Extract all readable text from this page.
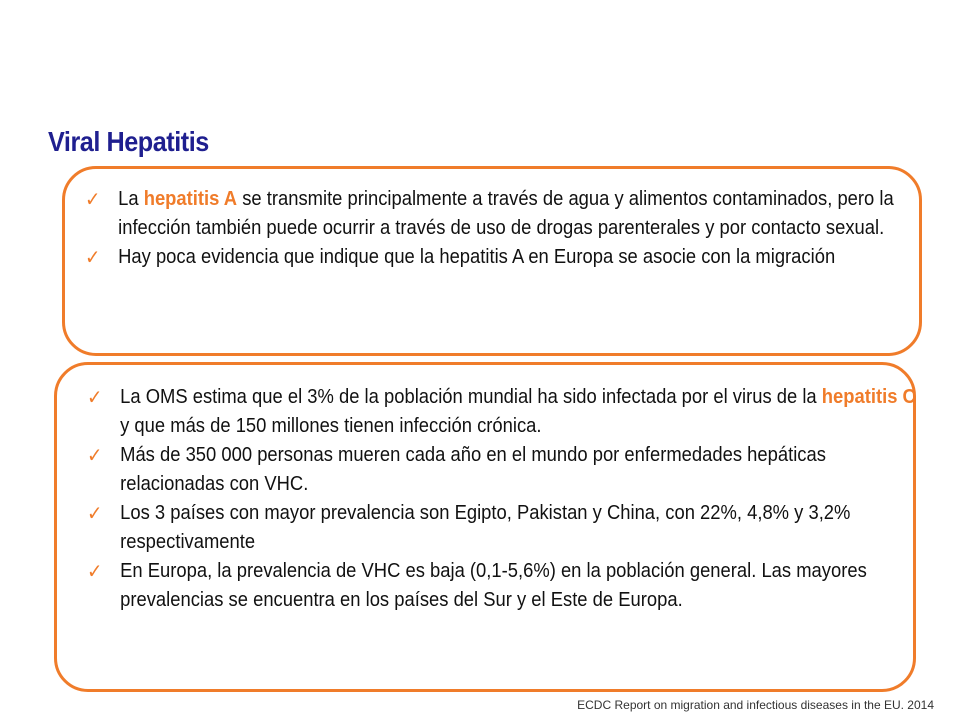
Viral Hepatitis
✓ La hepatitis A se transmite principalmente a través de agua y alimentos contaminados, pero la infección también puede ocurrir a través de uso de drogas parenterales y por contacto sexual.
✓ Hay poca evidencia que indique que la hepatitis A en Europa se asocie con la migración
✓ La OMS estima que el 3% de la población mundial ha sido infectada por el virus de la hepatitis C y que más de 150 millones tienen infección crónica.
✓ Más de 350 000 personas mueren cada año en el mundo por enfermedades hepáticas relacionadas con VHC.
✓ Los 3 países con mayor prevalencia son Egipto, Pakistan y China, con 22%, 4,8% y 3,2% respectivamente
✓ En Europa, la prevalencia de VHC es baja (0,1-5,6%) en la población general. Las mayores prevalencias se encuentra en los países del Sur y el Este de Europa.
ECDC Report on migration and infectious diseases in the EU. 2014
